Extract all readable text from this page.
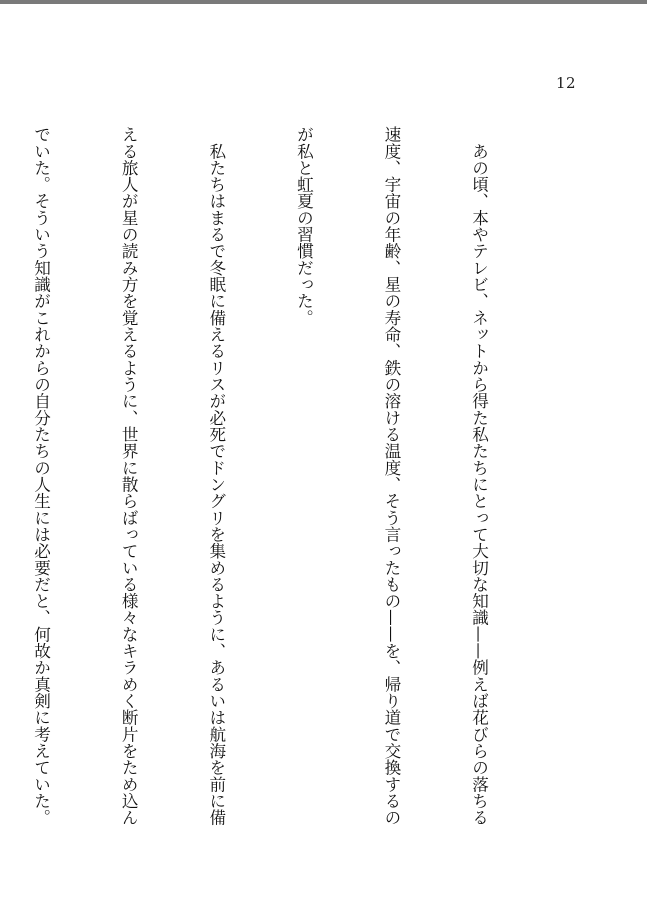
12

　あの頃、本やテレビ、ネットから得た私たちにとって大切な知識——例えば花びらの落ちる

速度、宇宙の年齢、星の寿命、鉄の溶ける温度、そう言ったもの——を、帰り道で交換するの

が私と虹夏の習慣だった。

　私たちはまるで冬眠に備えるリスが必死でドングリを集めるように、あるいは航海を前に備

える旅人が星の読み方を覚えるように、世界に散らばっている様々なキラめく断片をため込ん

でいた。そういう知識がこれからの自分たちの人生には必要だと、何故か真剣に考えていた。
